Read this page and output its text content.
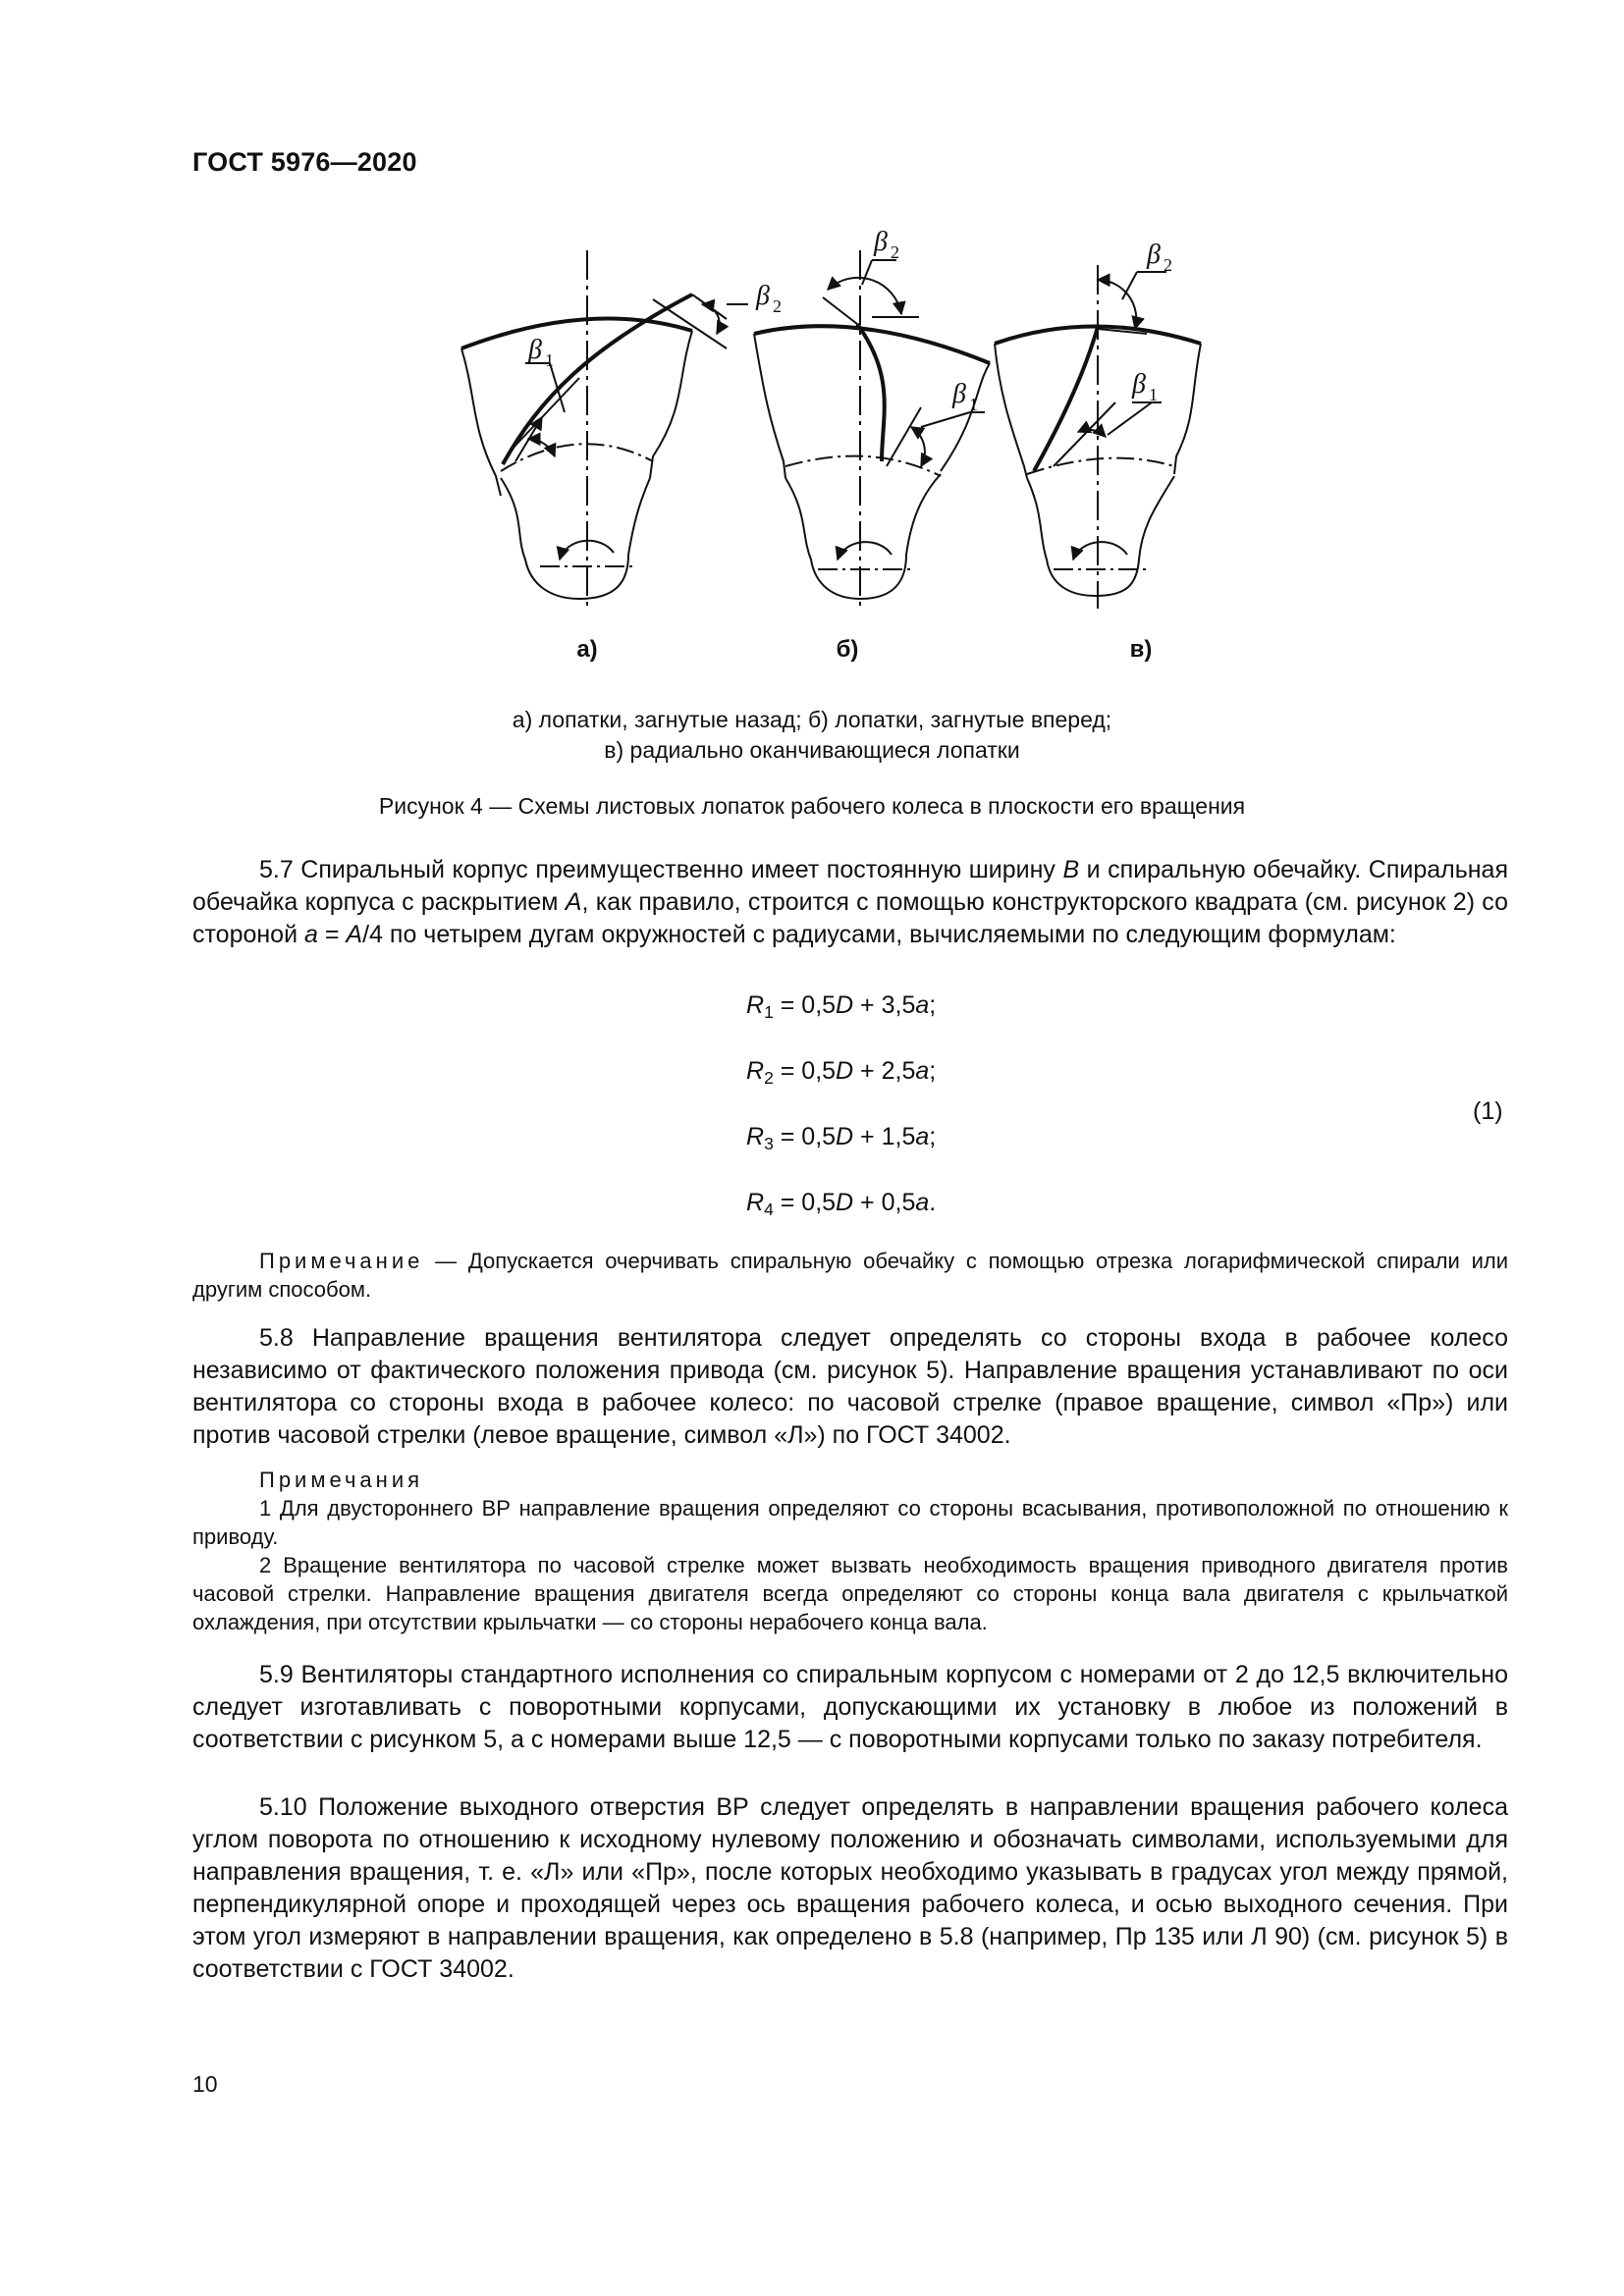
ГОСТ 5976—2020
β 1
β 2
β 2
β 1
β 2
β 1
а)	б)	в)
а) лопатки, загнутые назад; б) лопатки, загнутые вперед;
в) радиально оканчивающиеся лопатки
Рисунок 4 — Схемы листовых лопаток рабочего колеса в плоскости его вращения

5.7 Спиральный корпус преимущественно имеет постоянную ширину B и спиральную обечайку. Спиральная обечайка корпуса с раскрытием A, как правило, строится с помощью конструкторского квадрата (см. рисунок 2) со стороной a = A/4 по четырем дугам окружностей с радиусами, вычисляемыми по следующим формулам:

$R_1 = 0,5D + 3,5a$;
$R_2 = 0,5D + 2,5a$;
$R_3 = 0,5D + 1,5a$;
$R_4 = 0,5D + 0,5a$.
(1)

Примечание — Допускается очерчивать спиральную обечайку с помощью отрезка логарифмической спирали или другим способом.

5.8 Направление вращения вентилятора следует определять со стороны входа в рабочее колесо независимо от фактического положения привода (см. рисунок 5). Направление вращения устанавливают по оси вентилятора со стороны входа в рабочее колесо: по часовой стрелке (правое вращение, символ «Пр») или против часовой стрелки (левое вращение, символ «Л») по ГОСТ 34002.

Примечания

1 Для двустороннего ВР направление вращения определяют со стороны всасывания, противоположной по отношению к приводу.

2 Вращение вентилятора по часовой стрелке может вызвать необходимость вращения приводного двигателя против часовой стрелки. Направление вращения двигателя всегда определяют со стороны конца вала двигателя с крыльчаткой охлаждения, при отсутствии крыльчатки — со стороны нерабочего конца вала.

5.9 Вентиляторы стандартного исполнения со спиральным корпусом с номерами от 2 до 12,5 включительно следует изготавливать с поворотными корпусами, допускающими их установку в любое из положений в соответствии с рисунком 5, а с номерами выше 12,5 — с поворотными корпусами только по заказу потребителя.

5.10 Положение выходного отверстия ВР следует определять в направлении вращения рабочего колеса углом поворота по отношению к исходному нулевому положению и обозначать символами, используемыми для направления вращения, т. е. «Л» или «Пр», после которых необходимо указывать в градусах угол между прямой, перпендикулярной опоре и проходящей через ось вращения рабочего колеса, и осью выходного сечения. При этом угол измеряют в направлении вращения, как определено в 5.8 (например, Пр 135 или Л 90) (см. рисунок 5) в соответствии с ГОСТ 34002.

10
